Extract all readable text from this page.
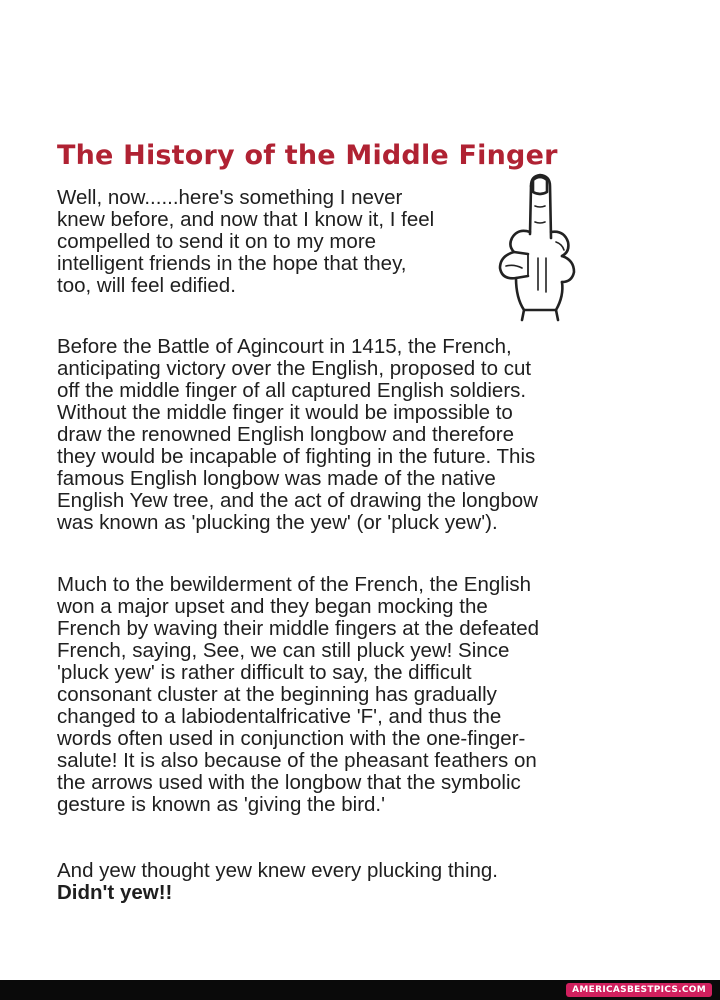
The History of the Middle Finger
Well, now......here's something I never
knew before, and now that I know it, I feel
compelled to send it on to my more
intelligent friends in the hope that they,
too, will feel edified.
Before the Battle of Agincourt in 1415, the French,
anticipating victory over the English, proposed to cut
off the middle finger of all captured English soldiers.
Without the middle finger it would be impossible to
draw the renowned English longbow and therefore
they would be incapable of fighting in the future. This
famous English longbow was made of the native
English Yew tree, and the act of drawing the longbow
was known as 'plucking the yew' (or 'pluck yew').
Much to the bewilderment of the French, the English
won a major upset and they began mocking the
French by waving their middle fingers at the defeated
French, saying, See, we can still pluck yew! Since
'pluck yew' is rather difficult to say, the difficult
consonant cluster at the beginning has gradually
changed to a labiodentalfricative 'F', and thus the
words often used in conjunction with the one-finger-
salute! It is also because of the pheasant feathers on
the arrows used with the longbow that the symbolic
gesture is known as 'giving the bird.'
And yew thought yew knew every plucking thing.
Didn't yew!!
AMERICASBESTPICS.COM
